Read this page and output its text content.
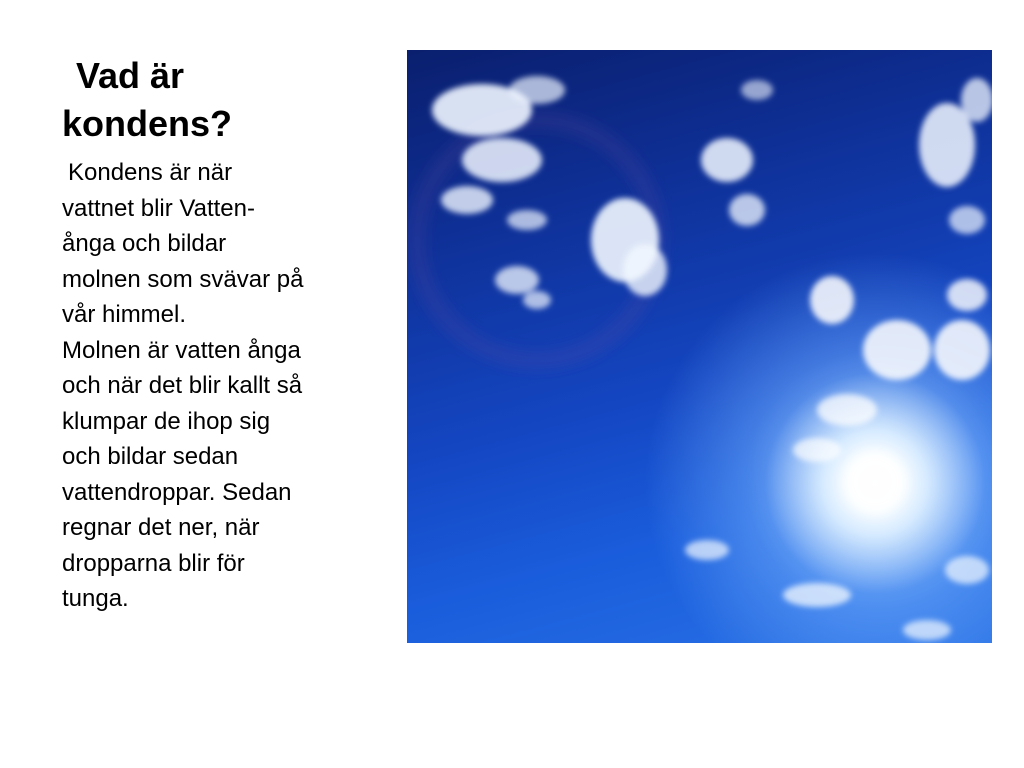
Vad är
kondens?
Kondens är när
vattnet blir Vatten-
ånga och bildar
molnen som svävar på
vår himmel.
Molnen är vatten ånga
och när det blir kallt så
klumpar de ihop sig
och bildar sedan
vattendroppar. Sedan
regnar det ner, när
dropparna blir för
tunga.
